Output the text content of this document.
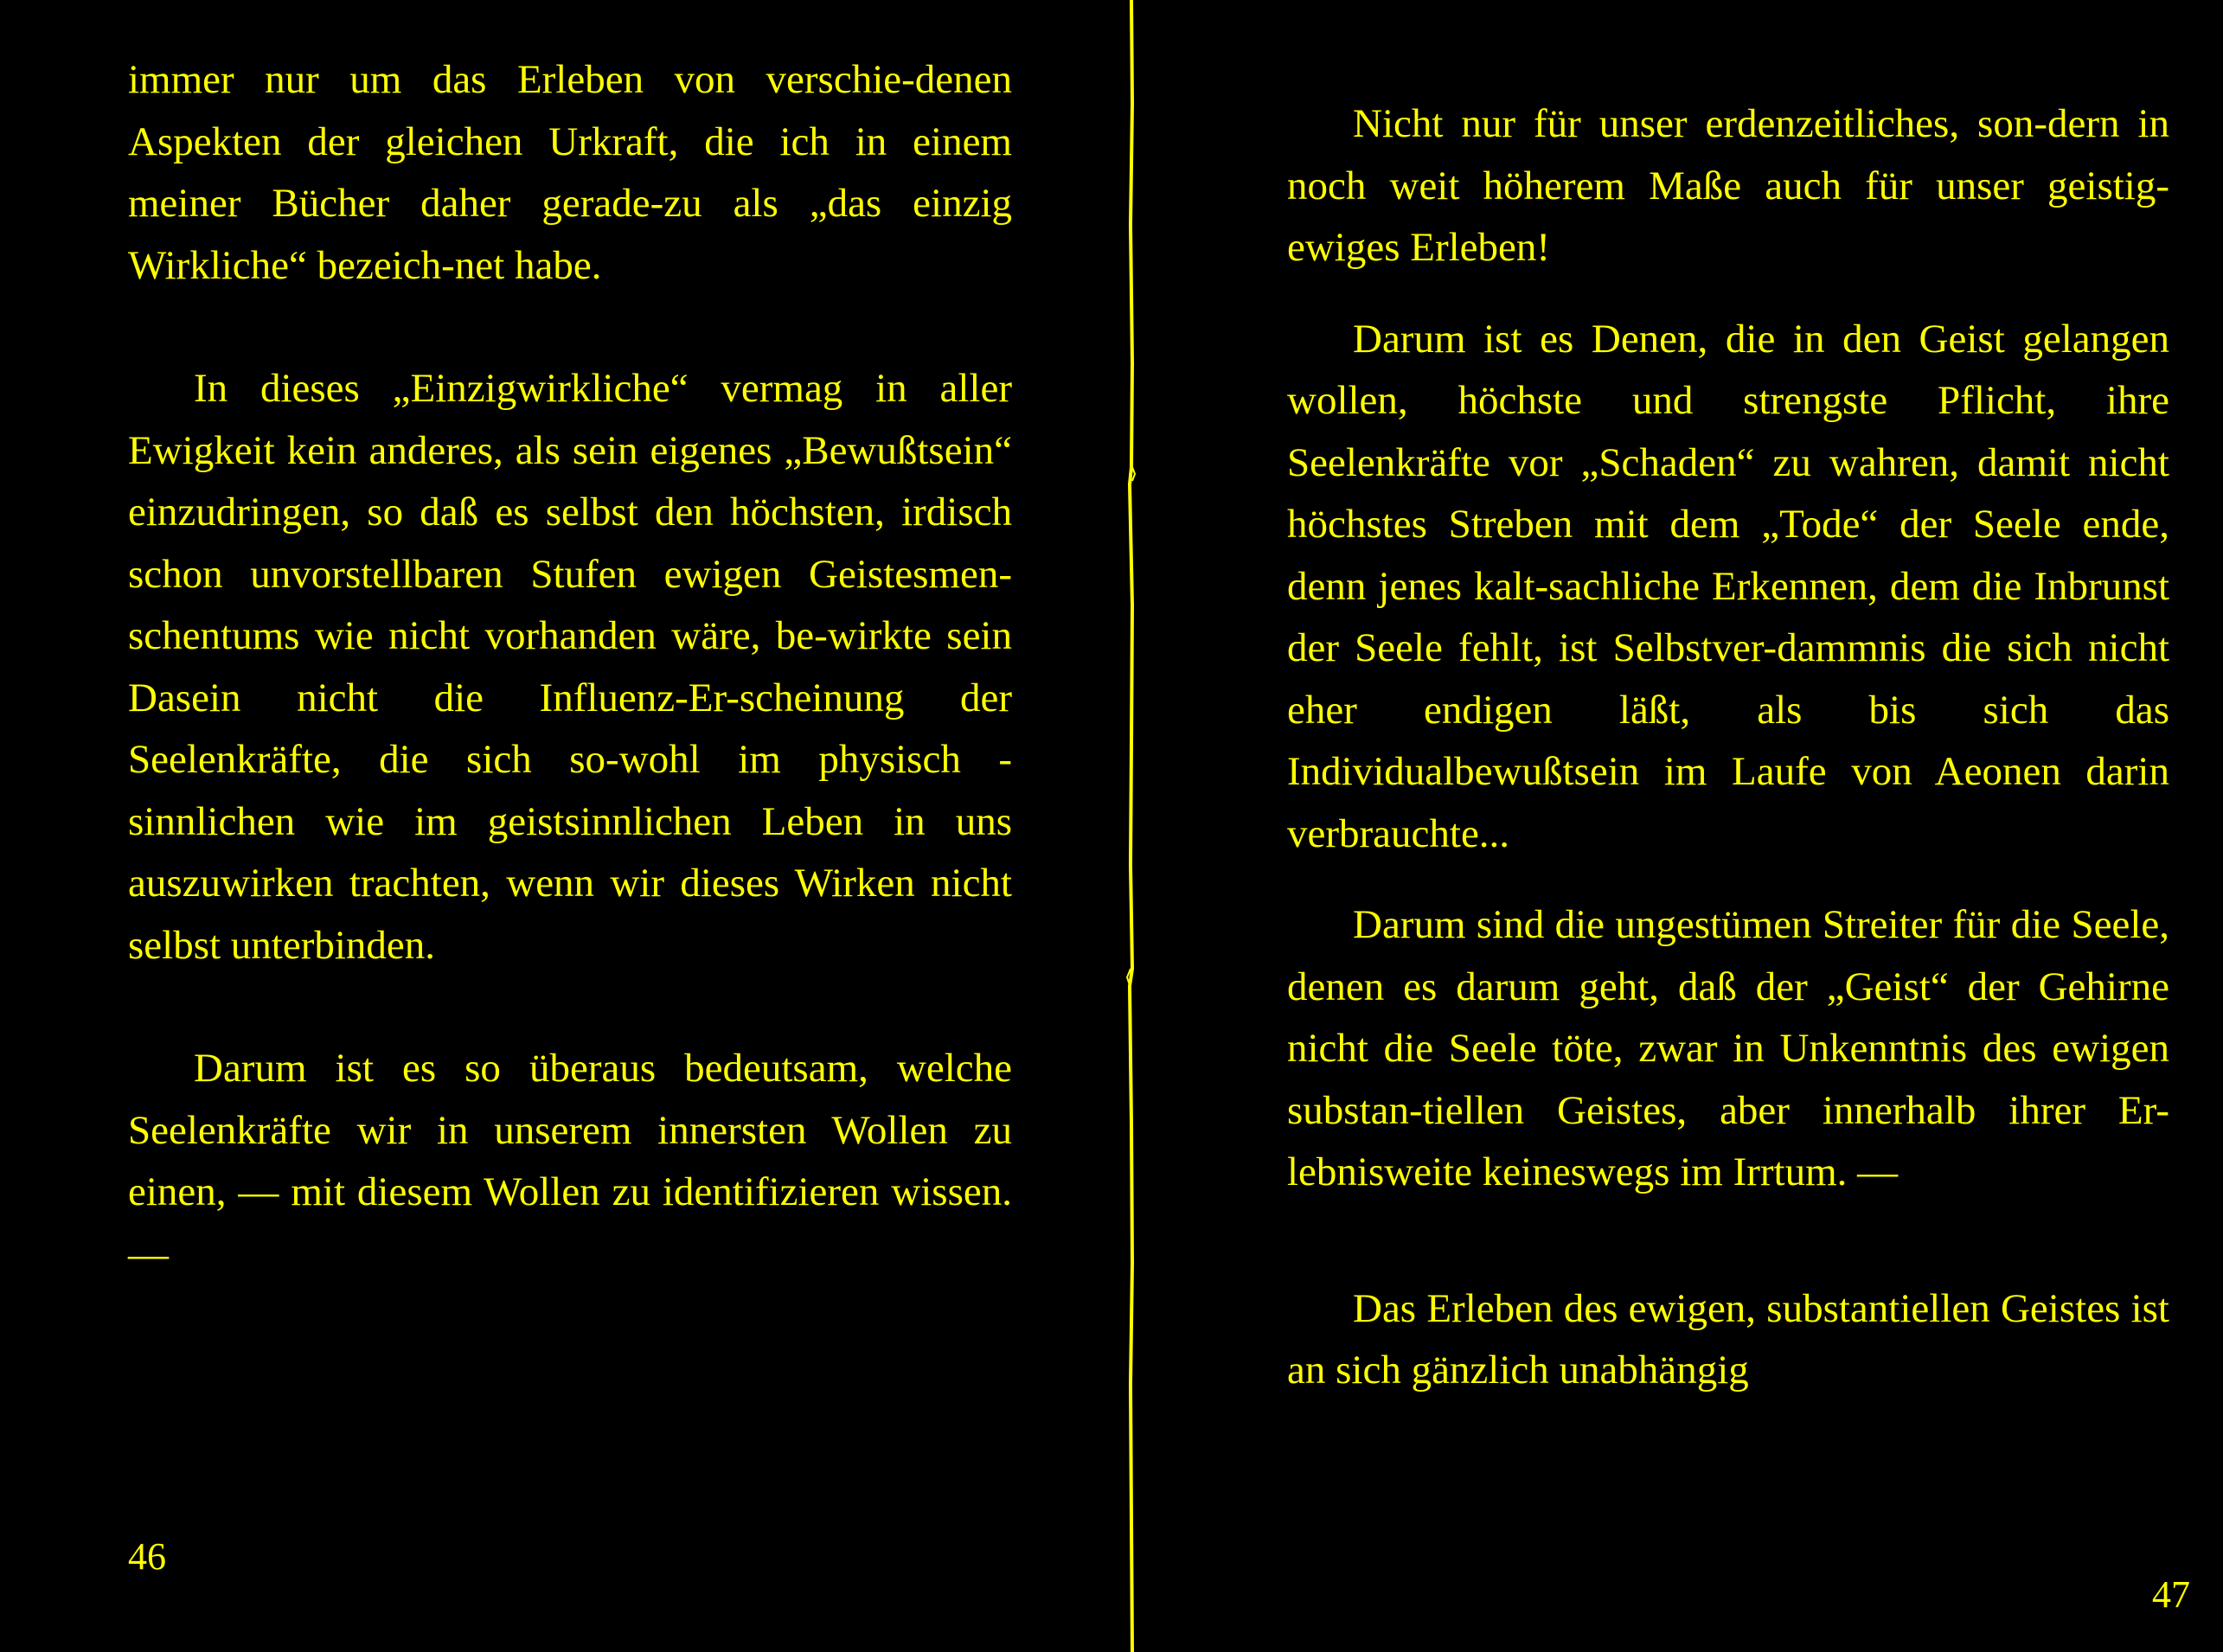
immer nur um das Erleben von verschie-denen Aspekten der gleichen Urkraft, die ich in einem meiner Bücher daher gerade-zu als „das einzig Wirkliche“ bezeich-net habe.

In dieses „Einzigwirkliche“ vermag in aller Ewigkeit kein anderes, als sein eigenes „Bewußtsein“ einzudringen, so daß es selbst den höchsten, irdisch schon unvorstellbaren Stufen ewigen Geistesmen-schentums wie nicht vorhanden wäre, be-wirkte sein Dasein nicht die Influenz-Er-scheinung der Seelenkräfte, die sich so-wohl im physisch - sinnlichen wie im geistsinnlichen Leben in uns auszuwirken trachten, wenn wir dieses Wirken nicht selbst unterbinden.

Darum ist es so überaus bedeutsam, welche Seelenkräfte wir in unserem innersten Wollen zu einen, — mit diesem Wollen zu identifizieren wissen. —

46

Nicht nur für unser erdenzeitliches, son-dern in noch weit höherem Maße auch für unser geistig-ewiges Erleben!

Darum ist es Denen, die in den Geist gelangen wollen, höchste und strengste Pflicht, ihre Seelenkräfte vor „Schaden“ zu wahren, damit nicht höchstes Streben mit dem „Tode“ der Seele ende, denn jenes kalt-sachliche Erkennen, dem die Inbrunst der Seele fehlt, ist Selbstver-dammnis die sich nicht eher endigen läßt, als bis sich das Individualbewußtsein im Laufe von Aeonen darin verbrauchte...

Darum sind die ungestümen Streiter für die Seele, denen es darum geht, daß der „Geist“ der Gehirne nicht die Seele töte, zwar in Unkenntnis des ewigen substan-tiellen Geistes, aber innerhalb ihrer Er-lebnisweite keineswegs im Irrtum. —

Das Erleben des ewigen, substantiellen Geistes ist an sich gänzlich unabhängig

47
